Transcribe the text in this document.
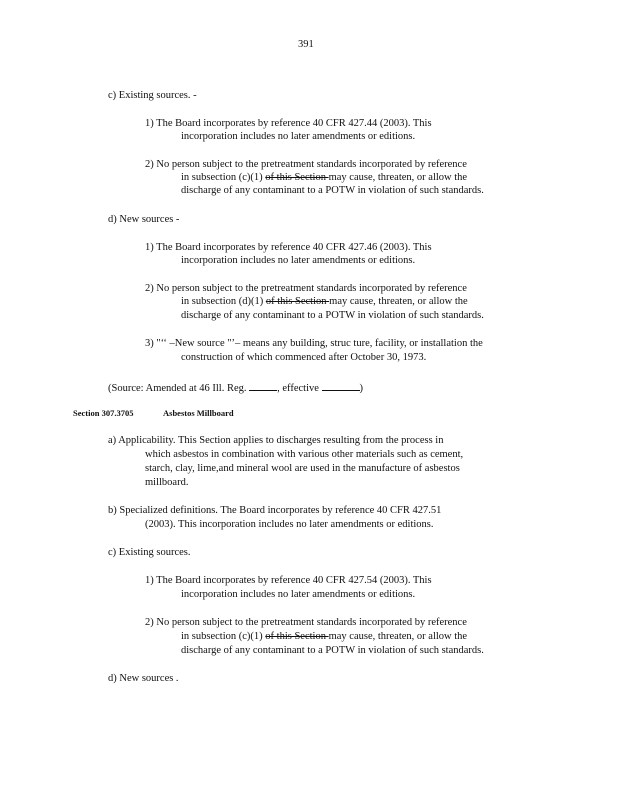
391
c) Existing sources. -
1) The Board incorporates by reference 40 CFR 427.44 (2003). This
incorporation includes no later amendments or editions.
2) No person subject to the pretreatment standards incorporated by reference
in subsection (c)(1) of this Section may cause, threaten, or allow the
discharge of any contaminant to a POTW in violation of such standards.
d) New sources -
1) The Board incorporates by reference 40 CFR 427.46 (2003). This
incorporation includes no later amendments or editions.
2) No person subject to the pretreatment standards incorporated by reference
in subsection (d)(1) of this Section may cause, threaten, or allow the
discharge of any contaminant to a POTW in violation of such standards.
3) "‘‘ –New source "’– means any building, struc ture, facility, or installation the
construction of which commenced after October 30, 1973.
(Source: Amended at 46 Ill. Reg.	, effective	)
Section 307.3705	Asbestos Millboard
a) Applicability. This Section applies to discharges resulting from the process in
which asbestos in combination with various other materials such as cement,
starch, clay, lime,and mineral wool are used in the manufacture of asbestos
millboard.
b) Specialized definitions. The Board incorporates by reference 40 CFR 427.51
(2003). This incorporation includes no later amendments or editions.
c) Existing sources.
1) The Board incorporates by reference 40 CFR 427.54 (2003). This
incorporation includes no later amendments or editions.
2) No person subject to the pretreatment standards incorporated by reference
in subsection (c)(1) of this Section may cause, threaten, or allow the
discharge of any contaminant to a POTW in violation of such standards.
d) New sources .
